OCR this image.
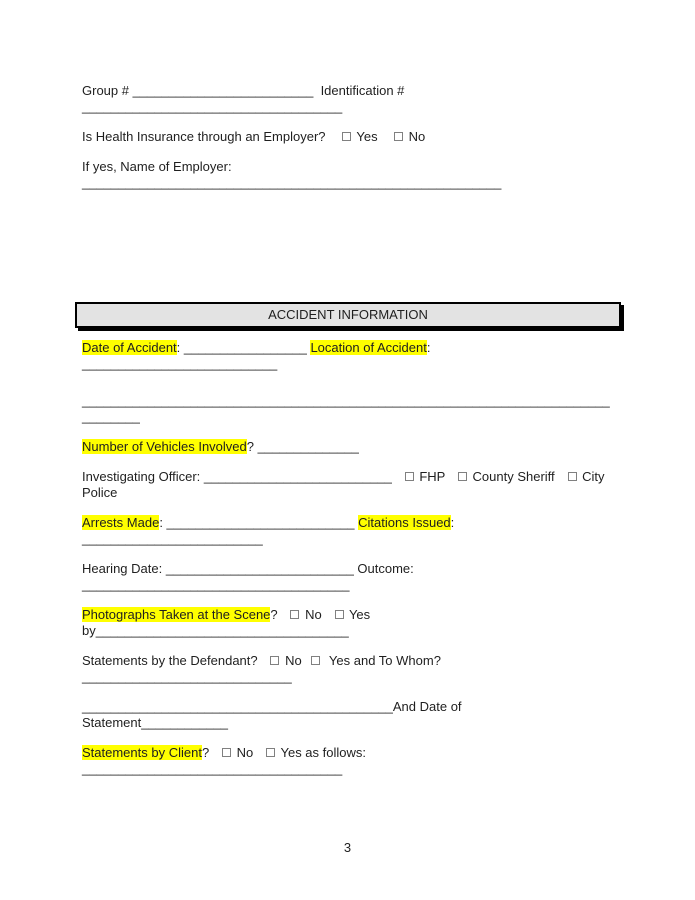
Group # _________________________  Identification #
____________________________________
Is Health Insurance through an Employer?     Yes     No
If yes, Name of Employer:
__________________________________________________________
ACCIDENT INFORMATION
Date of Accident: _________________ Location of Accident:
___________________________
_________________________________________________________________________
________
Number of Vehicles Involved? ______________
Investigating Officer: __________________________    FHP    County Sheriff    City
Police
Arrests Made: __________________________ Citations Issued:
_________________________
Hearing Date: __________________________ Outcome:
_____________________________________
Photographs Taken at the Scene?    No    Yes
by___________________________________
Statements by the Defendant?    No    Yes and To Whom?
_____________________________
___________________________________________And Date of
Statement____________
Statements by Client?    No    Yes as follows:
____________________________________
3
